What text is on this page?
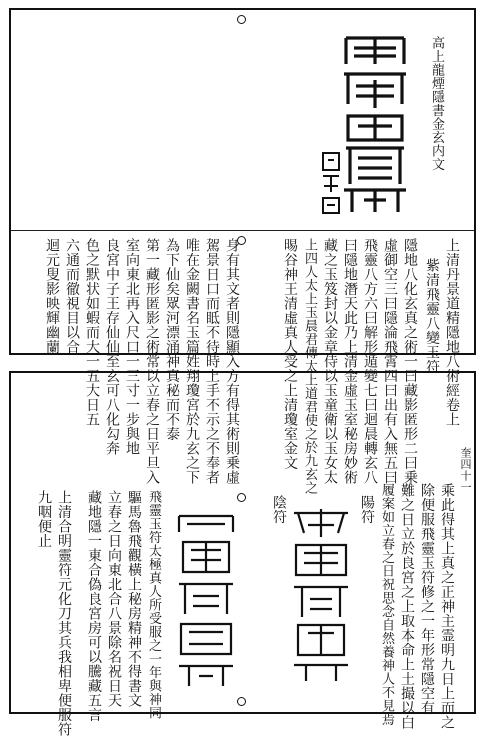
高上龍煙隱書金玄内文
上清丹景道精隱地八術經卷上
紫清飛靈八變玉符
隱地八化玄真之術一曰藏影匿形二曰乗
虛御空三曰隱淪飛霄四曰出有入無五曰
飛靈八方六曰解形遁變七曰迴晨轉玄八
曰隱地潛天此乃上清金虛玉室秘房妙術
藏之玉笈封以金章侍以玉童衛以玉女太
上四人太上玉晨君傳太上道君使之於九玄之
晹谷神王清虛真人受之上清瓊室金文
身有其文者則隱顯入方有得其術則乗虛
駕景日口而眡不待時上手不示之不奉者
唯在金闕書名玉篇姓翔瓊宮於九玄之下
為下仙矣眾河漂涌神真秘而不泰
第一藏形匿影之術常以立春之日平旦入
室向東北再入尺口一三寸一步與地
良宮中子王存仙仙至玄可八化勾奔
色之默状如蝦而大一五大日五
六通而徹視目以合
迴元叟影映輝幽蘭
奎四十一
乘此得其上真之正神主霊明九日上而之
除便服飛靈玉符修之一年形常隱空有
難之日立於良宮之上取本命上土撮以白
履案如立春之日祝思念自然養神人不見焉
陽符
陰符
飛靈玉符太極真人所受服之一年與神同
驅馬魯飛觀橫上秘房精神不得書文
立春之日向東北合八景除名祝日天
藏地隱一東合偽良宮房可以騰藏五言
上清合明靈符元化刀其兵我相卑便服符
九咽便止
